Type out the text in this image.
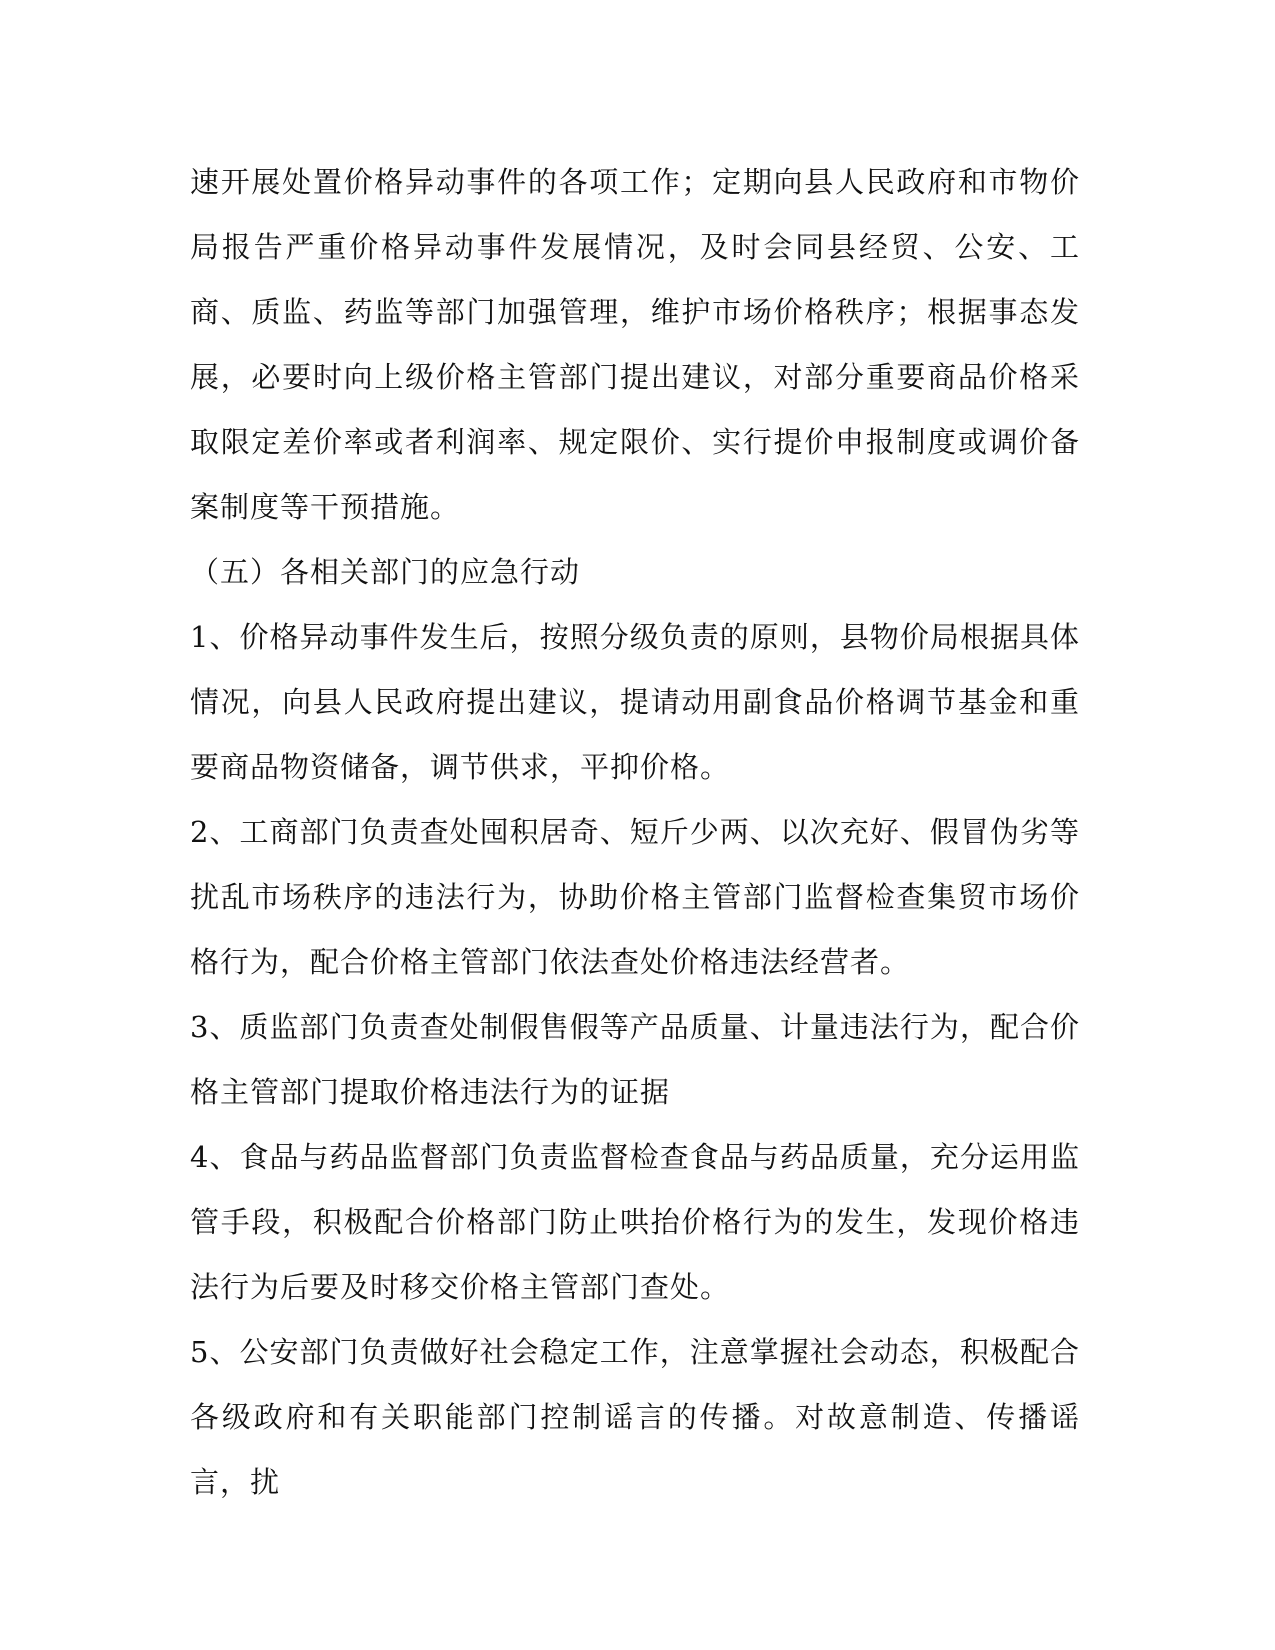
速开展处置价格异动事件的各项工作；定期向县人民政府和市物价局报告严重价格异动事件发展情况，及时会同县经贸、公安、工商、质监、药监等部门加强管理，维护市场价格秩序；根据事态发展，必要时向上级价格主管部门提出建议，对部分重要商品价格采取限定差价率或者利润率、规定限价、实行提价申报制度或调价备案制度等干预措施。

（五）各相关部门的应急行动

1、价格异动事件发生后，按照分级负责的原则，县物价局根据具体情况，向县人民政府提出建议，提请动用副食品价格调节基金和重要商品物资储备，调节供求，平抑价格。

2、工商部门负责查处囤积居奇、短斤少两、以次充好、假冒伪劣等扰乱市场秩序的违法行为，协助价格主管部门监督检查集贸市场价格行为，配合价格主管部门依法查处价格违法经营者。

3、质监部门负责查处制假售假等产品质量、计量违法行为，配合价格主管部门提取价格违法行为的证据

4、食品与药品监督部门负责监督检查食品与药品质量，充分运用监管手段，积极配合价格部门防止哄抬价格行为的发生，发现价格违法行为后要及时移交价格主管部门查处。

5、公安部门负责做好社会稳定工作，注意掌握社会动态，积极配合各级政府和有关职能部门控制谣言的传播。对故意制造、传播谣言，扰
